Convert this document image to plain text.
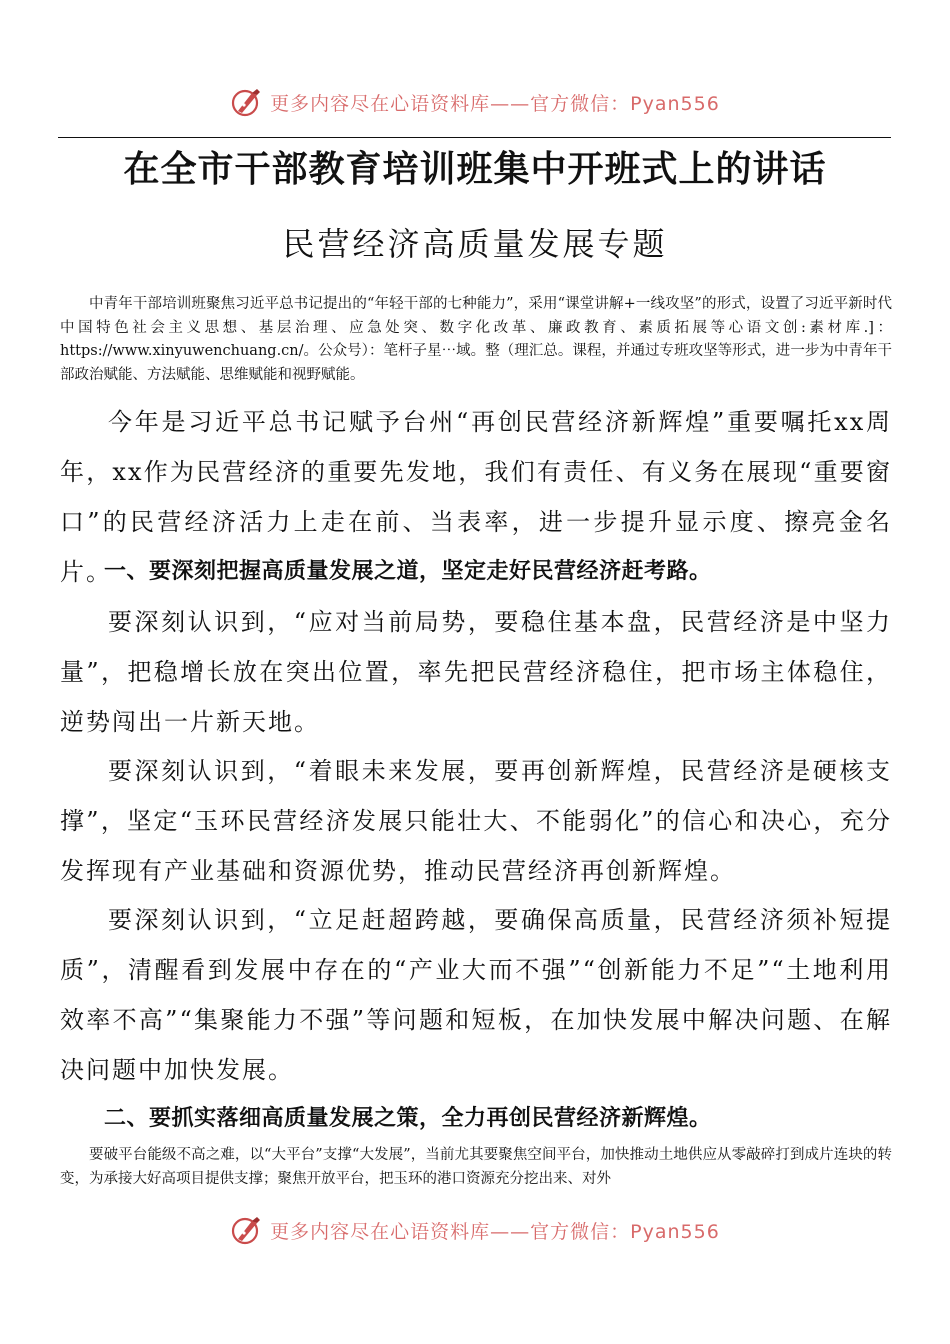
更多内容尽在心语资料库——官方微信：Pyan556
在全市干部教育培训班集中开班式上的讲话
民营经济高质量发展专题
中青年干部培训班聚焦习近平总书记提出的“年轻干部的七种能力”，采用“课堂讲解+一线攻坚”的形式，设置了习近平新时代中国特色社会主义思想、基层治理、应急处突、数字化改革、廉政教育、素质拓展等心语文创:素材库.]：https://www.xinyuwenchuang.cn/。公众号）：笔杆子星⋯域。整（理汇总。课程，并通过专班攻坚等形式，进一步为中青年干部政治赋能、方法赋能、思维赋能和视野赋能。

今年是习近平总书记赋予台州“再创民营经济新辉煌”重要嘱托xx周年，xx作为民营经济的重要先发地，我们有责任、有义务在展现“重要窗口”的民营经济活力上走在前、当表率，进一步提升显示度、擦亮金名片。

一、要深刻把握高质量发展之道，坚定走好民营经济赶考路。

要深刻认识到，“应对当前局势，要稳住基本盘，民营经济是中坚力量”，把稳增长放在突出位置，率先把民营经济稳住，把市场主体稳住，逆势闯出一片新天地。

要深刻认识到，“着眼未来发展，要再创新辉煌，民营经济是硬核支撑”，坚定“玉环民营经济发展只能壮大、不能弱化”的信心和决心，充分发挥现有产业基础和资源优势，推动民营经济再创新辉煌。

要深刻认识到，“立足赶超跨越，要确保高质量，民营经济须补短提质”，清醒看到发展中存在的“产业大而不强”“创新能力不足”“土地利用效率不高”“集聚能力不强”等问题和短板，在加快发展中解决问题、在解决问题中加快发展。

二、要抓实落细高质量发展之策，全力再创民营经济新辉煌。

要破平台能级不高之难，以“大平台”支撑“大发展”，当前尤其要聚焦空间平台，加快推动土地供应从零敲碎打到成片连块的转变，为承接大好高项目提供支撑；聚焦开放平台，把玉环的港口资源充分挖出来、对外
更多内容尽在心语资料库——官方微信：Pyan556
